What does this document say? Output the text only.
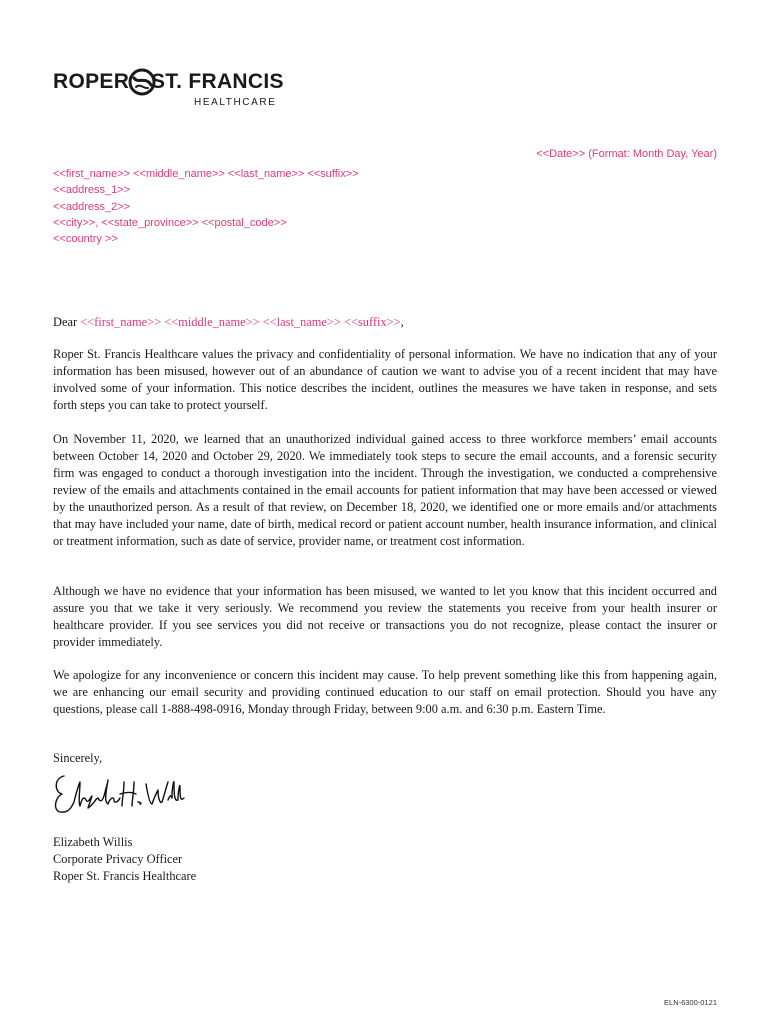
ROPER ST. FRANCIS
HEALTHCARE
<<Date>> (Format: Month Day, Year)
<<first_name>> <<middle_name>> <<last_name>> <<suffix>>
<<address_1>>
<<address_2>>
<<city>>, <<state_province>> <<postal_code>>
<<country >>

Dear <<first_name>> <<middle_name>> <<last_name>> <<suffix>>,

Roper St. Francis Healthcare values the privacy and confidentiality of personal information. We have no indication that any of your information has been misused, however out of an abundance of caution we want to advise you of a recent incident that may have involved some of your information. This notice describes the incident, outlines the measures we have taken in response, and sets forth steps you can take to protect yourself.

On November 11, 2020, we learned that an unauthorized individual gained access to three workforce members’ email accounts between October 14, 2020 and October 29, 2020. We immediately took steps to secure the email accounts, and a forensic security firm was engaged to conduct a thorough investigation into the incident. Through the investigation, we conducted a comprehensive review of the emails and attachments contained in the email accounts for patient information that may have been accessed or viewed by the unauthorized person. As a result of that review, on December 18, 2020, we identified one or more emails and/or attachments that may have included your name, date of birth, medical record or patient account number, health insurance information, and clinical or treatment information, such as date of service, provider name, or treatment cost information.

Although we have no evidence that your information has been misused, we wanted to let you know that this incident occurred and assure you that we take it very seriously. We recommend you review the statements you receive from your health insurer or healthcare provider. If you see services you did not receive or transactions you do not recognize, please contact the insurer or provider immediately.

We apologize for any inconvenience or concern this incident may cause. To help prevent something like this from happening again, we are enhancing our email security and providing continued education to our staff on email protection. Should you have any questions, please call 1-888-498-0916, Monday through Friday, between 9:00 a.m. and 6:30 p.m. Eastern Time.

Sincerely,
Elizabeth Willis
Corporate Privacy Officer
Roper St. Francis Healthcare
ELN-6300-0121
